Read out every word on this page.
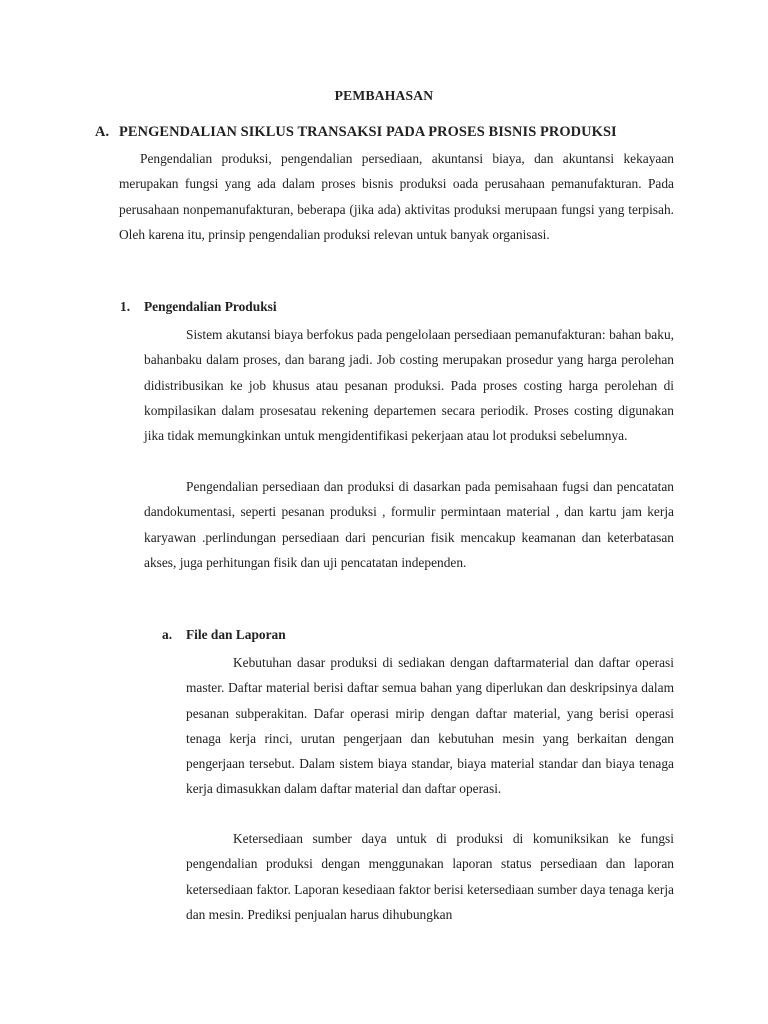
PEMBAHASAN
A. PENGENDALIAN SIKLUS TRANSAKSI PADA PROSES BISNIS PRODUKSI

Pengendalian produksi, pengendalian persediaan, akuntansi biaya, dan akuntansi kekayaan merupakan fungsi yang ada dalam proses bisnis produksi oada perusahaan pemanufakturan. Pada perusahaan nonpemanufakturan, beberapa (jika ada) aktivitas produksi merupaan fungsi yang terpisah. Oleh karena itu, prinsip pengendalian produksi relevan untuk banyak organisasi.

1. Pengendalian Produksi

Sistem akutansi biaya berfokus pada pengelolaan persediaan pemanufakturan: bahan baku, bahanbaku dalam proses, dan barang jadi. Job costing merupakan prosedur yang harga perolehan didistribusikan ke job khusus atau pesanan produksi. Pada proses costing harga perolehan di kompilasikan dalam prosesatau rekening departemen secara periodik. Proses costing digunakan jika tidak memungkinkan untuk mengidentifikasi pekerjaan atau lot produksi sebelumnya.

Pengendalian persediaan dan produksi di dasarkan pada pemisahaan fugsi dan pencatatan dandokumentasi, seperti pesanan produksi , formulir permintaan material , dan kartu jam kerja karyawan .perlindungan persediaan dari pencurian fisik mencakup keamanan dan keterbatasan akses, juga perhitungan fisik dan uji pencatatan independen.

a. File dan Laporan

Kebutuhan dasar produksi di sediakan dengan daftarmaterial dan daftar operasi master. Daftar material berisi daftar semua bahan yang diperlukan dan deskripsinya dalam pesanan subperakitan. Dafar operasi mirip dengan daftar material, yang berisi operasi tenaga kerja rinci, urutan pengerjaan dan kebutuhan mesin yang berkaitan dengan pengerjaan tersebut. Dalam sistem biaya standar, biaya material standar dan biaya tenaga kerja dimasukkan dalam daftar material dan daftar operasi.

Ketersediaan sumber daya untuk di produksi di komuniksikan ke fungsi pengendalian produksi dengan menggunakan laporan status persediaan dan laporan ketersediaan faktor. Laporan kesediaan faktor berisi ketersediaan sumber daya tenaga kerja dan mesin. Prediksi penjualan harus dihubungkan
